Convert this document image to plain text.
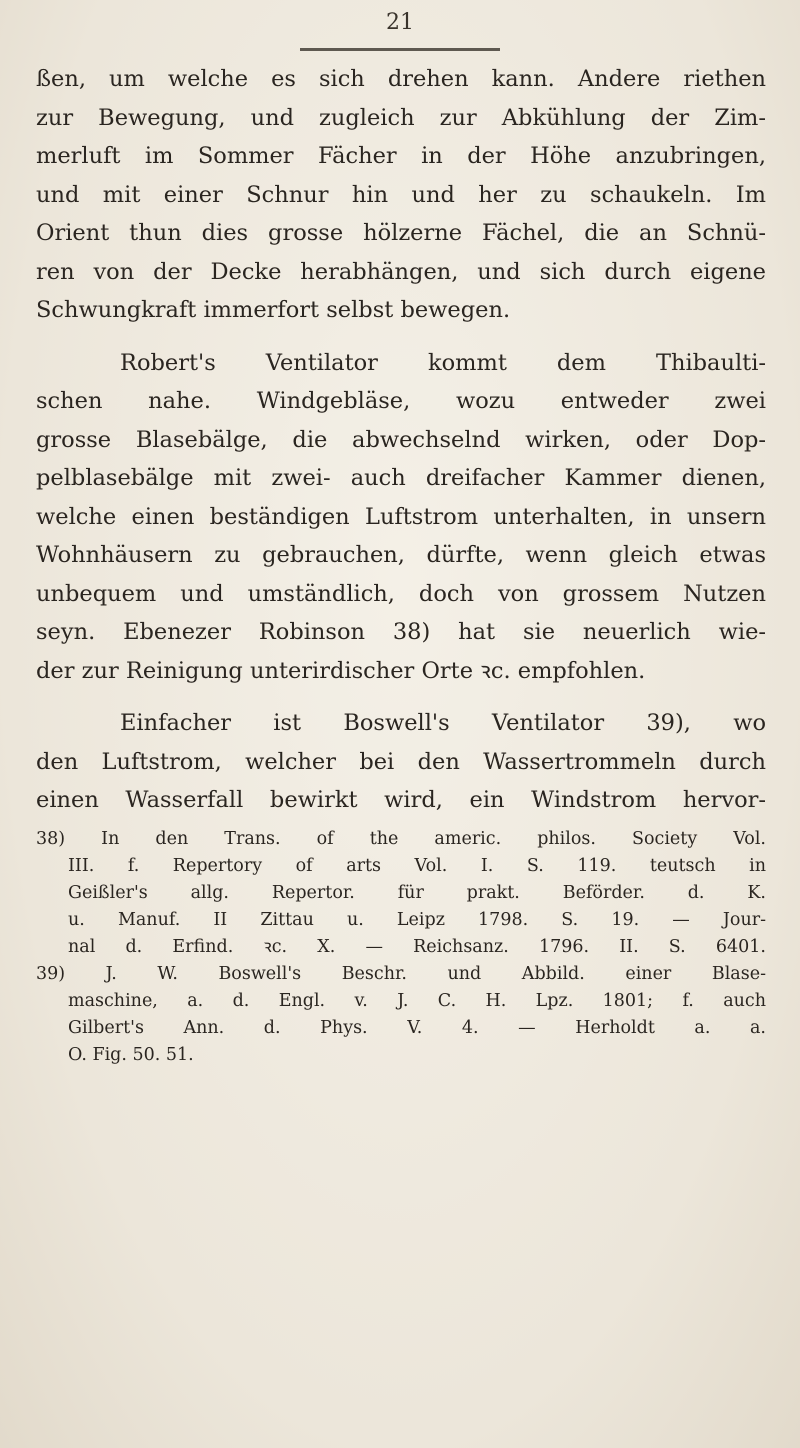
21
ßen, um welche es sich drehen kann. Andere riethen
zur Bewegung, und zugleich zur Abkühlung der Zim-
merluft im Sommer Fächer in der Höhe anzubringen,
und mit einer Schnur hin und her zu schaukeln. Im
Orient thun dies grosse hölzerne Fächel, die an Schnü-
ren von der Decke herabhängen, und sich durch eigene
Schwungkraft immerfort selbst bewegen.
Robert's Ventilator kommt dem Thibaulti-
schen nahe. Windgebläse, wozu entweder zwei
grosse Blasebälge, die abwechselnd wirken, oder Dop-
pelblasebälge mit zwei- auch dreifacher Kammer dienen,
welche einen beständigen Luftstrom unterhalten, in unsern
Wohnhäusern zu gebrauchen, dürfte, wenn gleich etwas
unbequem und umständlich, doch von grossem Nutzen
seyn. Ebenezer Robinson 38) hat sie neuerlich wie-
der zur Reinigung unterirdischer Orte ꝛc. empfohlen.
Einfacher ist Boswell's Ventilator 39), wo
den Luftstrom, welcher bei den Wassertrommeln durch
einen Wasserfall bewirkt wird, ein Windstrom hervor-
38) In den Trans. of the americ. philos. Society Vol.
III. f. Repertory of arts Vol. I. S. 119. teutsch in
Geißler's allg. Repertor. für prakt. Beförder. d. K.
u. Manuf. II Zittau u. Leipz 1798. S. 19. — Jour-
nal d. Erfind. ꝛc. X. — Reichsanz. 1796. II. S. 6401.
39) J. W. Boswell's Beschr. und Abbild. einer Blase-
maschine, a. d. Engl. v. J. C. H. Lpz. 1801; f. auch
Gilbert's Ann. d. Phys. V. 4. — Herholdt a. a.
O. Fig. 50. 51.
